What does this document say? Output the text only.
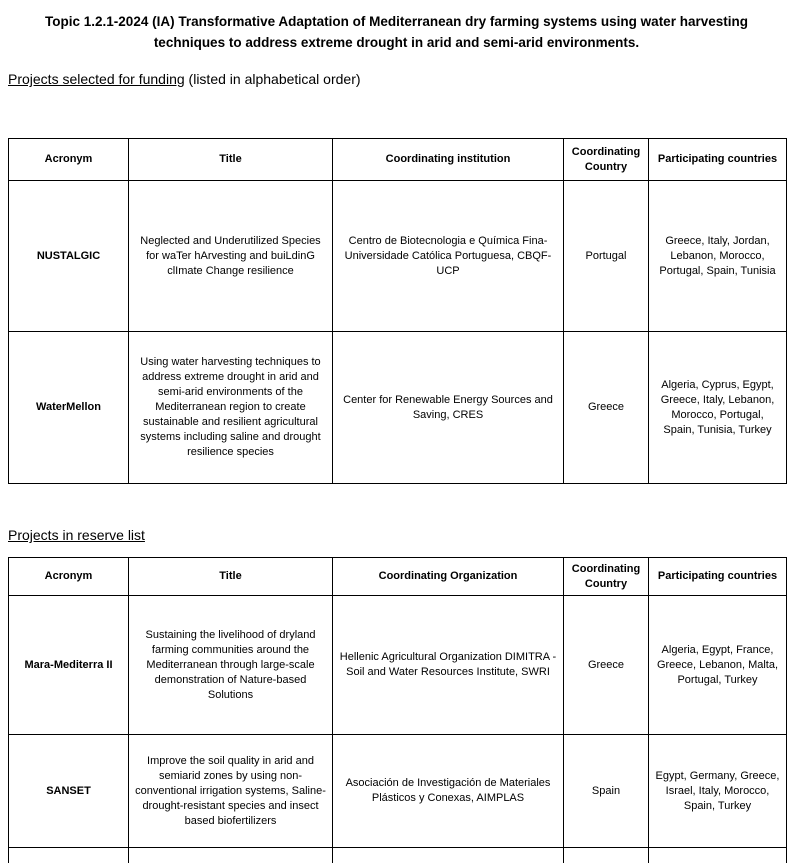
Topic 1.2.1-2024 (IA) Transformative Adaptation of Mediterranean dry farming systems using water harvesting techniques to address extreme drought in arid and semi-arid environments.
Projects selected for funding (listed in alphabetical order)
Acronym	Title	Coordinating institution	Coordinating Country	Participating countries
NUSTALGIC	Neglected and Underutilized Species for waTer hArvesting and buiLdinG clImate Change resilience	Centro de Biotecnologia e Química Fina-Universidade Católica Portuguesa, CBQF-UCP	Portugal	Greece, Italy, Jordan, Lebanon, Morocco, Portugal, Spain, Tunisia
WaterMellon	Using water harvesting techniques to address extreme drought in arid and semi-arid environments of the Mediterranean region to create sustainable and resilient agricultural systems including saline and drought resilience species	Center for Renewable Energy Sources and Saving, CRES	Greece	Algeria, Cyprus, Egypt, Greece, Italy, Lebanon, Morocco, Portugal, Spain, Tunisia, Turkey
Projects in reserve list
Acronym	Title	Coordinating Organization	Coordinating Country	Participating countries
Mara-Mediterra II	Sustaining the livelihood of dryland farming communities around the Mediterranean through large-scale demonstration of Nature-based Solutions	Hellenic Agricultural Organization DIMITRA - Soil and Water Resources Institute, SWRI	Greece	Algeria, Egypt, France, Greece, Lebanon, Malta, Portugal, Turkey
SANSET	Improve the soil quality in arid and semiarid zones by using non-conventional irrigation systems, Saline-drought-resistant species and insect based biofertilizers	Asociación de Investigación de Materiales Plásticos y Conexas, AIMPLAS	Spain	Egypt, Germany, Greece, Israel, Italy, Morocco, Spain, Turkey
